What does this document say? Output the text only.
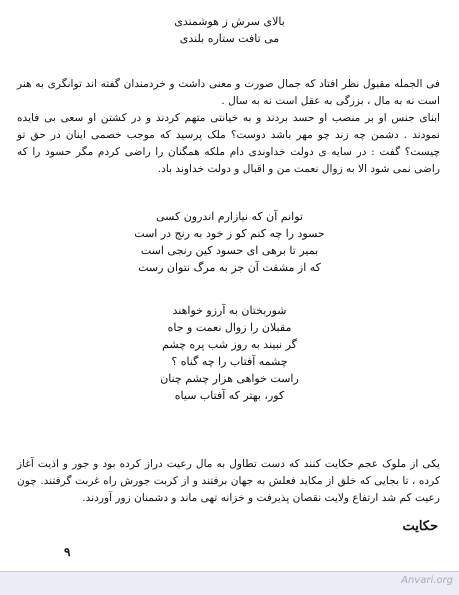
بالای سرش ز هوشمندی
می تافت ستاره بلندی

فی الجمله مقبول نظر افتاد که جمال صورت و معنی داشت و خردمندان گفته اند توانگری به هنر است نه به مال ، بزرگی به عقل است نه به سال .

ابنای جنس او بر منصب او حسد بردند و به خیانتی متهم کردند و در کشتن او سعی بی فایده نمودند . دشمن چه زند چو مهر باشد دوست؟ ملک پرسید که موجب خصمی اینان در حق تو چیست؟ گفت : در سایه ی دولت خداوندی دام ملکه همگنان را راضی کردم مگر حسود را که راضی نمی شود الا به زوال نعمت من و اقبال و دولت خداوند باد.

توانم آن که نیازارم اندرون کسی
حسود را چه کنم کو ز خود به رنج در است
بمیر تا برهی ای حسود کین رنجی است
که از مشقت آن جز به مرگ نتوان رست
شوربختان به آرزو خواهند
مقبلان را زوال نعمت و جاه
گر نبیند به روز شب پره چشم
چشمه آفتاب را چه گناه ؟
راست خواهی هزار چشم چنان
کور، بهتر که آفتاب سیاه
حکایت

یکی از ملوک عجم حکایت کنند که دست تطاول به مال رعیت دراز کرده بود و جور و اذیت آغاز کرده ، تا بجایی که خلق از مکاید فعلش به جهان برفتند و از کربت جورش راه غربت گرفتند. چون رعیت کم شد ارتفاع ولایت نقصان پذیرفت و خزانه تهی ماند و دشمنان زور آوردند.

۹
Anvari.org
